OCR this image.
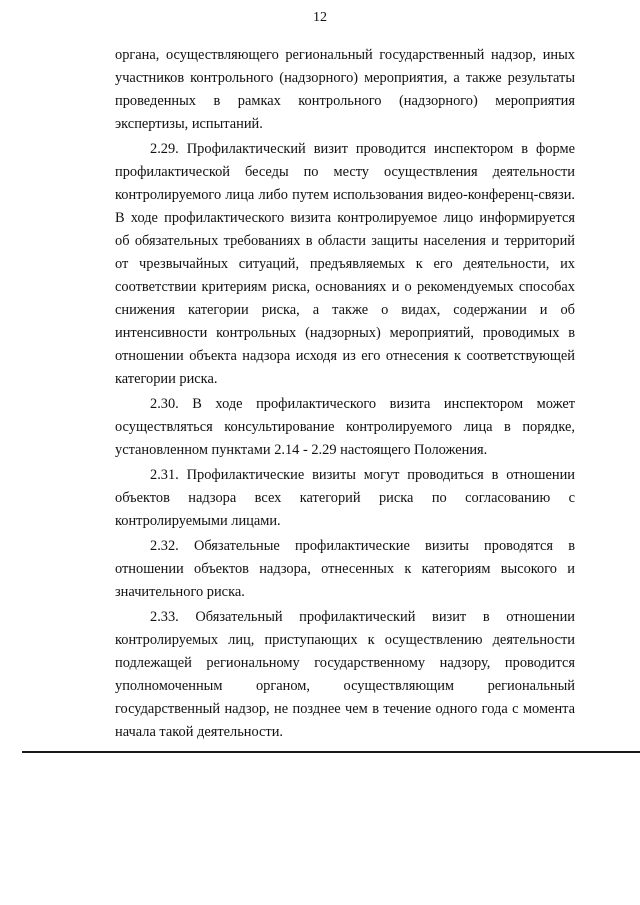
12

органа, осуществляющего региональный государственный надзор, иных участников контрольного (надзорного) мероприятия, а также результаты проведенных в рамках контрольного (надзорного) мероприятия экспертизы, испытаний.

2.29. Профилактический визит проводится инспектором в форме профилактической беседы по месту осуществления деятельности контролируемого лица либо путем использования видео-конференц-связи. В ходе профилактического визита контролируемое лицо информируется об обязательных требованиях в области защиты населения и территорий от чрезвычайных ситуаций, предъявляемых к его деятельности, их соответствии критериям риска, основаниях и о рекомендуемых способах снижения категории риска, а также о видах, содержании и об интенсивности контрольных (надзорных) мероприятий, проводимых в отношении объекта надзора исходя из его отнесения к соответствующей категории риска.

2.30. В ходе профилактического визита инспектором может осуществляться консультирование контролируемого лица в порядке, установленном пунктами 2.14 - 2.29 настоящего Положения.

2.31. Профилактические визиты могут проводиться в отношении объектов надзора всех категорий риска по согласованию с контролируемыми лицами.

2.32. Обязательные профилактические визиты проводятся в отношении объектов надзора, отнесенных к категориям высокого и значительного риска.

2.33. Обязательный профилактический визит в отношении контролируемых лиц, приступающих к осуществлению деятельности подлежащей региональному государственному надзору, проводится уполномоченным органом, осуществляющим региональный государственный надзор, не позднее чем в течение одного года с момента начала такой деятельности.
